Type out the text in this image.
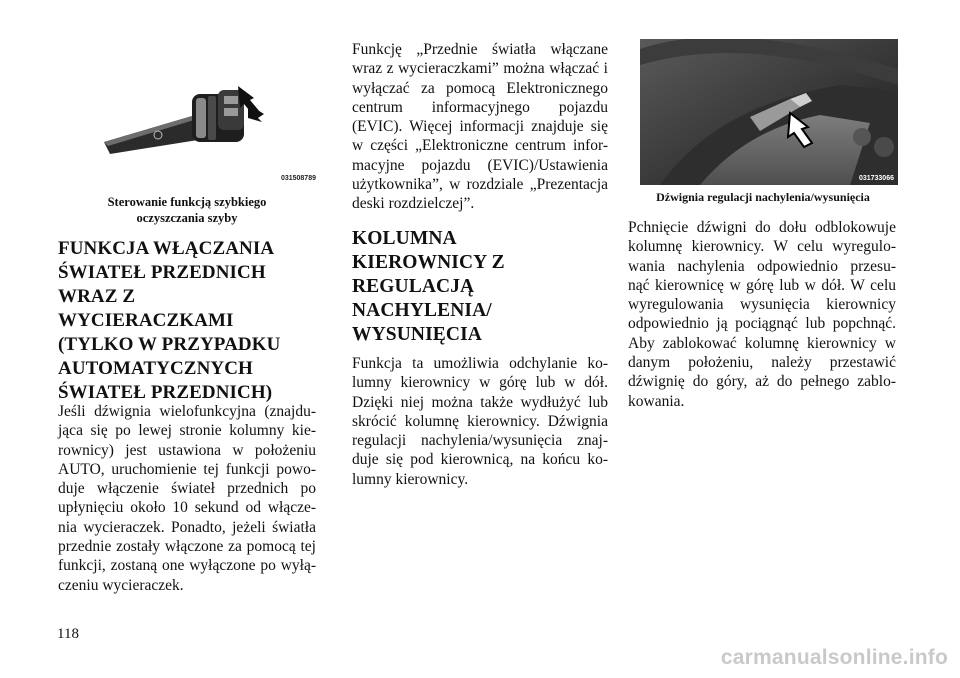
031508789
Sterowanie funkcją szybkiego
oczyszczania szyby
FUNKCJA WŁĄCZANIA
ŚWIATEŁ PRZEDNICH
WRAZ Z
WYCIERACZKAMI
(TYLKO W PRZYPADKU
AUTOMATYCZNYCH
ŚWIATEŁ PRZEDNICH)
Jeśli dźwignia wielofunkcyjna (znajdu-
jąca się po lewej stronie kolumny kie-
rownicy) jest ustawiona w położeniu
AUTO, uruchomienie tej funkcji powo-
duje włączenie świateł przednich po
upłynięciu około 10 sekund od włącze-
nia wycieraczek. Ponadto, jeżeli światła
przednie zostały włączone za pomocą tej
funkcji, zostaną one wyłączone po wyłą-
czeniu wycieraczek.
Funkcję „Przednie światła włączane
wraz z wycieraczkami” można włączać i
wyłączać za pomocą Elektronicznego
centrum informacyjnego pojazdu
(EVIC). Więcej informacji znajduje się
w części „Elektroniczne centrum infor-
macyjne pojazdu (EVIC)/Ustawienia
użytkownika”, w rozdziale „Prezentacja
deski rozdzielczej”.
KOLUMNA
KIEROWNICY Z
REGULACJĄ
NACHYLENIA/
WYSUNIĘCIA
Funkcja ta umożliwia odchylanie ko-
lumny kierownicy w górę lub w dół.
Dzięki niej można także wydłużyć lub
skrócić kolumnę kierownicy. Dźwignia
regulacji nachylenia/wysunięcia znaj-
duje się pod kierownicą, na końcu ko-
lumny kierownicy.
031733066
Dźwignia regulacji nachylenia/wysunięcia
Pchnięcie dźwigni do dołu odblokowuje
kolumnę kierownicy. W celu wyregulo-
wania nachylenia odpowiednio przesu-
nąć kierownicę w górę lub w dół. W celu
wyregulowania wysunięcia kierownicy
odpowiednio ją pociągnąć lub popchnąć.
Aby zablokować kolumnę kierownicy w
danym położeniu, należy przestawić
dźwignię do góry, aż do pełnego zablo-
kowania.
118
carmanualsonline.info
